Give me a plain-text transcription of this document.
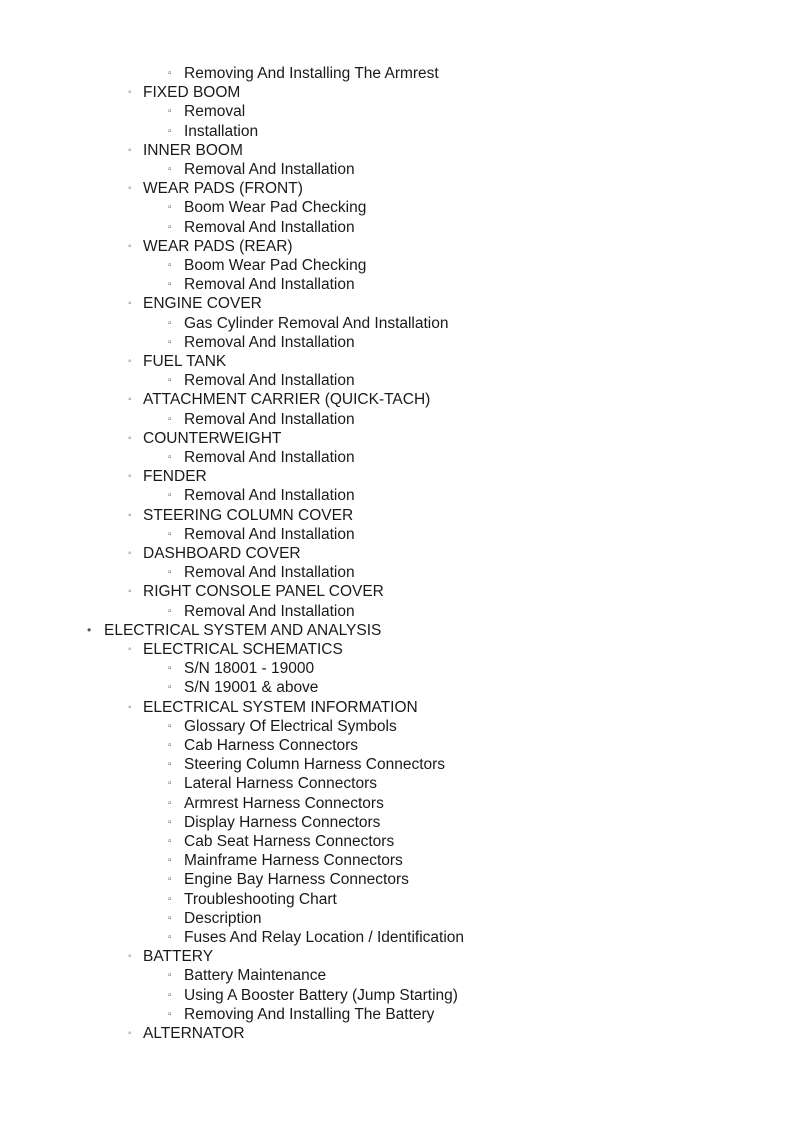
▫ Removing And Installing The Armrest
◦ FIXED BOOM
▫ Removal
▫ Installation
◦ INNER BOOM
▫ Removal And Installation
◦ WEAR PADS (FRONT)
▫ Boom Wear Pad Checking
▫ Removal And Installation
◦ WEAR PADS (REAR)
▫ Boom Wear Pad Checking
▫ Removal And Installation
◦ ENGINE COVER
▫ Gas Cylinder Removal And Installation
▫ Removal And Installation
◦ FUEL TANK
▫ Removal And Installation
◦ ATTACHMENT CARRIER (QUICK-TACH)
▫ Removal And Installation
◦ COUNTERWEIGHT
▫ Removal And Installation
◦ FENDER
▫ Removal And Installation
◦ STEERING COLUMN COVER
▫ Removal And Installation
◦ DASHBOARD COVER
▫ Removal And Installation
◦ RIGHT CONSOLE PANEL COVER
▫ Removal And Installation
• ELECTRICAL SYSTEM AND ANALYSIS
◦ ELECTRICAL SCHEMATICS
▫ S/N 18001 - 19000
▫ S/N 19001 & above
◦ ELECTRICAL SYSTEM INFORMATION
▫ Glossary Of Electrical Symbols
▫ Cab Harness Connectors
▫ Steering Column Harness Connectors
▫ Lateral Harness Connectors
▫ Armrest Harness Connectors
▫ Display Harness Connectors
▫ Cab Seat Harness Connectors
▫ Mainframe Harness Connectors
▫ Engine Bay Harness Connectors
▫ Troubleshooting Chart
▫ Description
▫ Fuses And Relay Location / Identification
◦ BATTERY
▫ Battery Maintenance
▫ Using A Booster Battery (Jump Starting)
▫ Removing And Installing The Battery
◦ ALTERNATOR
